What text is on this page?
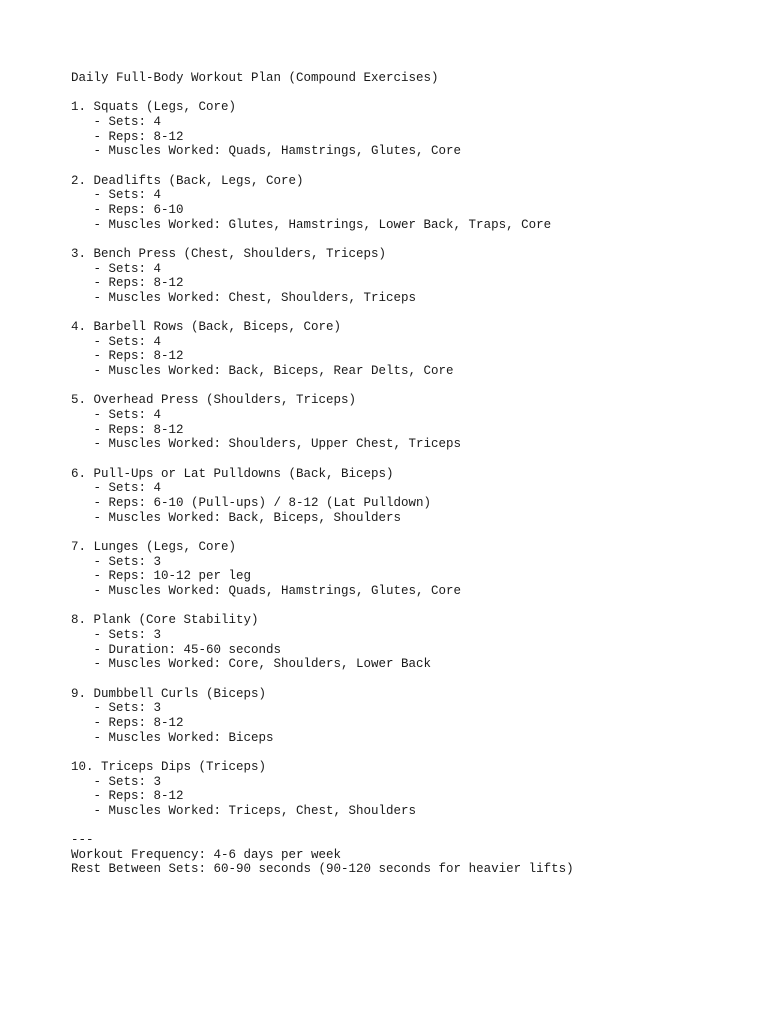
Daily Full-Body Workout Plan (Compound Exercises)
1. Squats (Legs, Core)
- Sets: 4
- Reps: 8-12
- Muscles Worked: Quads, Hamstrings, Glutes, Core
2. Deadlifts (Back, Legs, Core)
- Sets: 4
- Reps: 6-10
- Muscles Worked: Glutes, Hamstrings, Lower Back, Traps, Core
3. Bench Press (Chest, Shoulders, Triceps)
- Sets: 4
- Reps: 8-12
- Muscles Worked: Chest, Shoulders, Triceps
4. Barbell Rows (Back, Biceps, Core)
- Sets: 4
- Reps: 8-12
- Muscles Worked: Back, Biceps, Rear Delts, Core
5. Overhead Press (Shoulders, Triceps)
- Sets: 4
- Reps: 8-12
- Muscles Worked: Shoulders, Upper Chest, Triceps
6. Pull-Ups or Lat Pulldowns (Back, Biceps)
- Sets: 4
- Reps: 6-10 (Pull-ups) / 8-12 (Lat Pulldown)
- Muscles Worked: Back, Biceps, Shoulders
7. Lunges (Legs, Core)
- Sets: 3
- Reps: 10-12 per leg
- Muscles Worked: Quads, Hamstrings, Glutes, Core
8. Plank (Core Stability)
- Sets: 3
- Duration: 45-60 seconds
- Muscles Worked: Core, Shoulders, Lower Back
9. Dumbbell Curls (Biceps)
- Sets: 3
- Reps: 8-12
- Muscles Worked: Biceps
10. Triceps Dips (Triceps)
- Sets: 3
- Reps: 8-12
- Muscles Worked: Triceps, Chest, Shoulders
---
Workout Frequency: 4-6 days per week
Rest Between Sets: 60-90 seconds (90-120 seconds for heavier lifts)
